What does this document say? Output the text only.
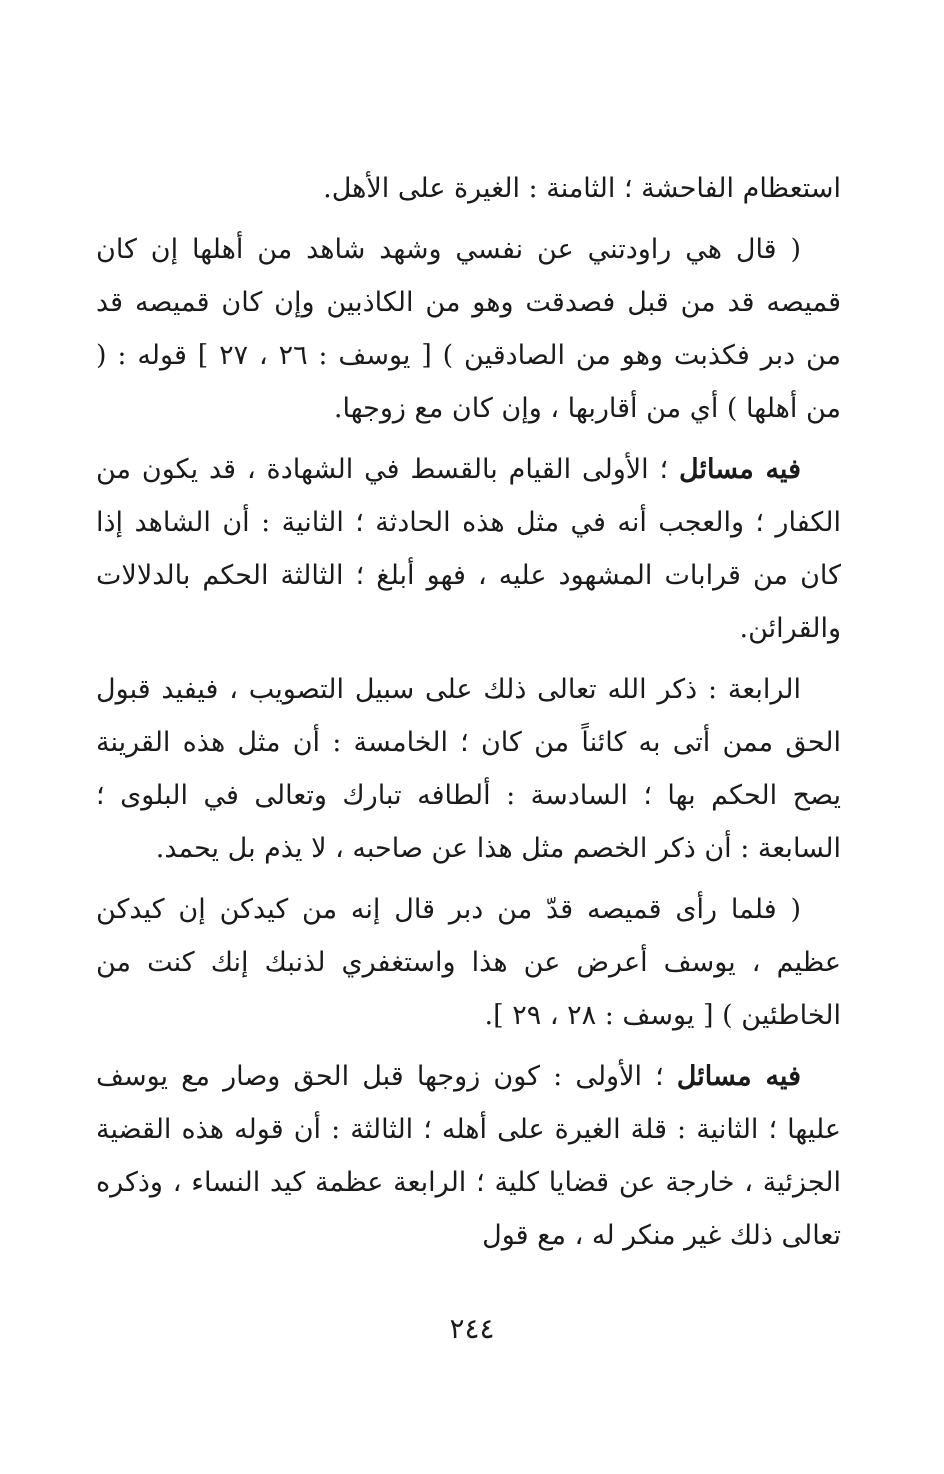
استعظام الفاحشة ؛ الثامنة : الغيرة على الأهل.

( قال هي راودتني عن نفسي وشهد شاهد من أهلها إن كان قميصه قد من قبل فصدقت وهو من الكاذبين وإن كان قميصه قد من دبر فكذبت وهو من الصادقين ) [ يوسف : ٢٦ ، ٢٧ ] قوله : ( من أهلها ) أي من أقاربها ، وإن كان مع زوجها.

فيه مسائل ؛ الأولى القيام بالقسط في الشهادة ، قد يكون من الكفار ؛ والعجب أنه في مثل هذه الحادثة ؛ الثانية : أن الشاهد إذا كان من قرابات المشهود عليه ، فهو أبلغ ؛ الثالثة الحكم بالدلالات والقرائن.

الرابعة : ذكر الله تعالى ذلك على سبيل التصويب ، فيفيد قبول الحق ممن أتى به كائناً من كان ؛ الخامسة : أن مثل هذه القرينة يصح الحكم بها ؛ السادسة : ألطافه تبارك وتعالى في البلوى ؛ السابعة : أن ذكر الخصم مثل هذا عن صاحبه ، لا يذم بل يحمد.

( فلما رأى قميصه قدّ من دبر قال إنه من كيدكن إن كيدكن عظيم ، يوسف أعرض عن هذا واستغفري لذنبك إنك كنت من الخاطئين ) [ يوسف : ٢٨ ، ٢٩ ].

فيه مسائل ؛ الأولى : كون زوجها قبل الحق وصار مع يوسف عليها ؛ الثانية : قلة الغيرة على أهله ؛ الثالثة : أن قوله هذه القضية الجزئية ، خارجة عن قضايا كلية ؛ الرابعة عظمة كيد النساء ، وذكره تعالى ذلك غير منكر له ، مع قول

٢٤٤
